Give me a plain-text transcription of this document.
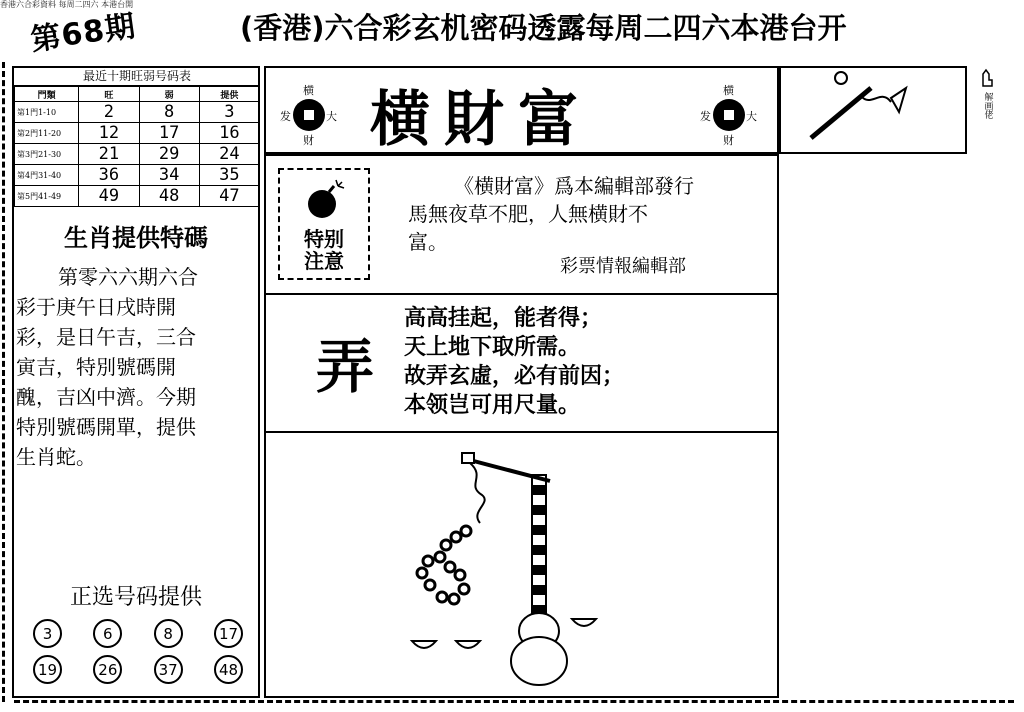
香港六合彩資料 每周二四六 本港台開
第68期	(香港)六合彩玄机密码透露每周二四六本港台开
最近十期旺弱号码表
門類	旺	弱	提供
第1門1-10	2	8	3
第2門11-20	12	17	16
第3門21-30	21	29	24
第4門31-40	36	34	35
第5門41-49	49	48	47
生肖提供特碼
第零六六期六合
彩于庚午日戌時開
彩，是日午吉，三合
寅吉，特別號碼開
醜，吉凶中濟。今期
特別號碼開單，提供
生肖蛇。
正选号码提供
3	6	8	17
19	26	37	48
横
发	大
财 横財富	横
发	大
财
解画佬
特别
注意
《横財富》爲本編輯部發行
馬無夜草不肥，人無横財不
富。
彩票情報編輯部
弄
高高挂起，能者得；
天上地下取所需。
故弄玄虛，必有前因；
本领岂可用尺量。
